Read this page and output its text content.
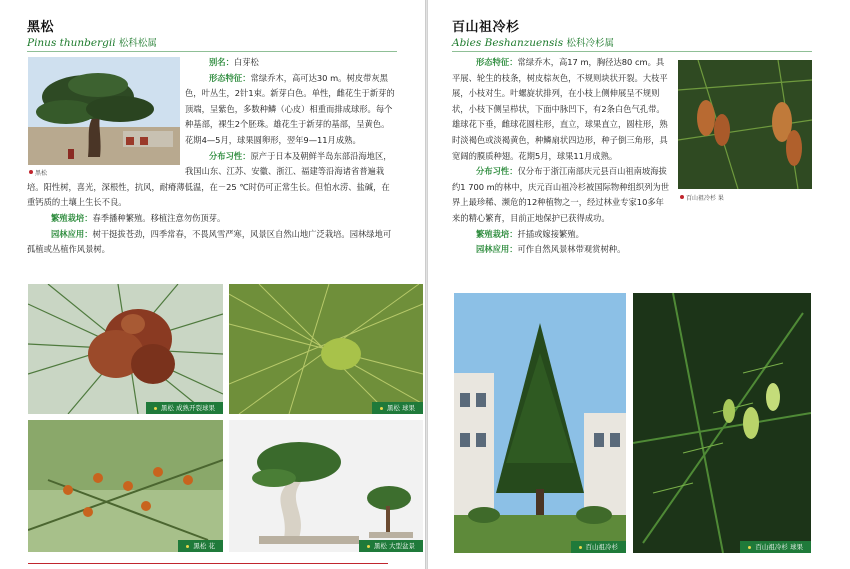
黑松
Pinus thunbergii 松科松属
黑松

别名：白芽松

形态特征：常绿乔木，高可达30 m。树皮带灰黑色，叶丛生，2针1束。新芽白色。单性，雌花生于新芽的顶端，呈紫色，多数种鳞（心皮）相重而排成球形。每个种基部，裸生2个胚珠。雄花生于新芽的基部，呈黄色。花期4—5月，球果圆卵形，翌年9—11月成熟。

分布习性：原产于日本及朝鲜半岛东部沿海地区，我国山东、江苏、安徽、浙江、福建等沿海诸省普遍栽培。阳性树，喜光，深根性，抗风，耐瘠薄低温，在－25 ℃时仍可正常生长。但怕水涝、盐碱，在重钙质的土壤上生长不良。

繁殖栽培：春季播种繁殖。移植注意勿伤顶芽。

园林应用：树干挺拔苍劲，四季常春，不畏风雪严寒，风景区自然山地广泛栽培。园林绿地可孤植或丛植作风景树。

黑松 成熟开裂球果	黑松 球果
黑松 花	黑松 大型盆景
百山祖冷杉
Abies Beshanzuensis 松科冷杉属
百山祖冷杉 果

形态特征：常绿乔木，高17 m，胸径达80 cm。具平展、轮生的枝条，树皮棕灰色，不规则块状开裂。大枝平展，小枝对生。叶螺旋状排列，在小枝上侧伸展呈不规则状，小枝下侧呈栉状，下面中脉凹下，有2条白色气孔带。雄球花下垂，雌球花圆柱形，直立，球果直立，圆柱形，熟时淡褐色或淡褐黄色，种鳞扇状四边形，种子倒三角形，具宽阔的膜质种翅。花期5月，球果11月成熟。

分布习性：仅分布于浙江南部庆元县百山祖南坡海拔约1 700 m的林中，庆元百山祖冷杉被国际物种组织列为世界上最珍稀、濒危的12种植物之一，经过林业专家10多年来的精心繁育，目前正地保护已获得成功。

繁殖栽培：扦插或嫁接繁殖。

园林应用：可作自然风景林带观赏树种。

百山祖冷杉	百山祖冷杉 球果
